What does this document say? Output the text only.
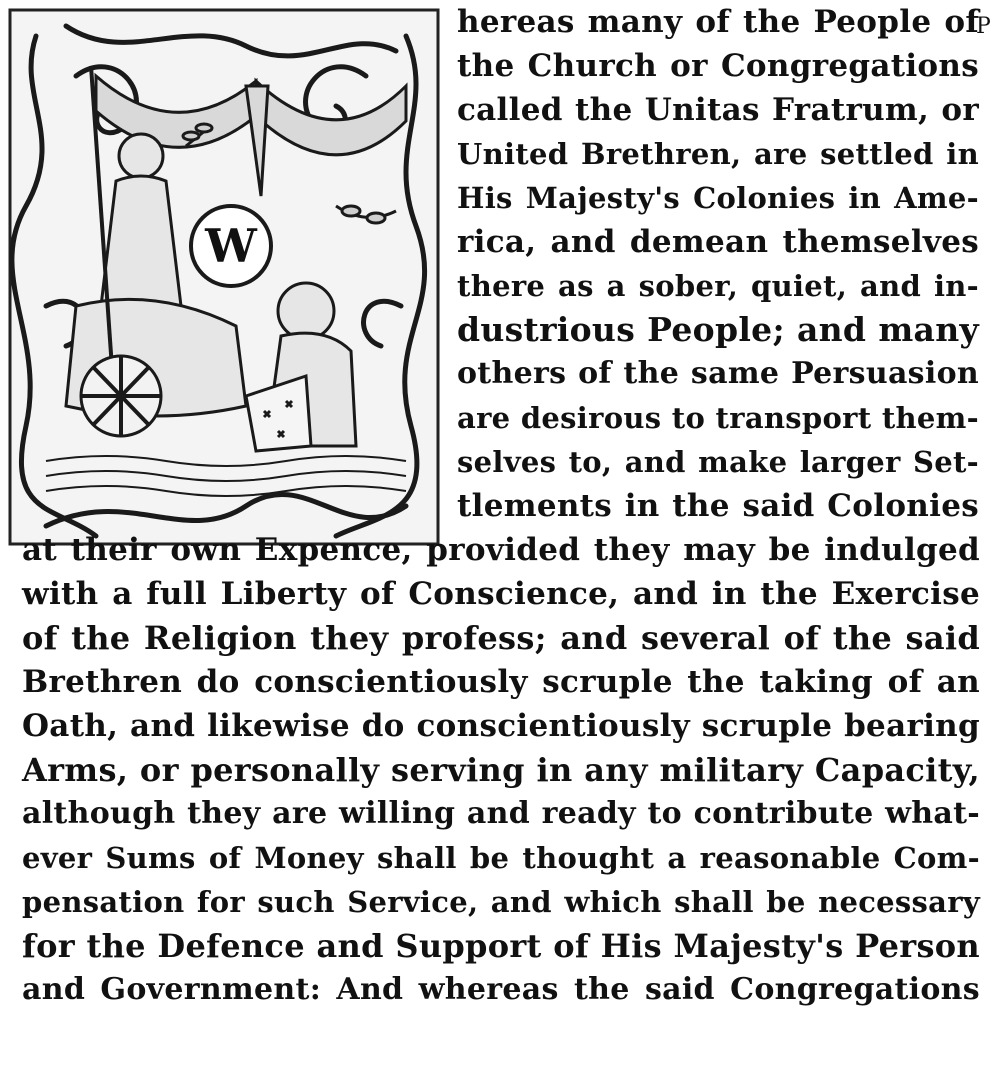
W
P
hereas many of the People of
the Church or Congregations
called the Unitas Fratrum, or
United Brethren, are settled in
His Majesty's Colonies in Ame-
rica, and demean themselves
there as a sober, quiet, and in-
dustrious People; and many
others of the same Persuasion
are desirous to transport them-
selves to, and make larger Set-
tlements in the said Colonies
at their own Expence, provided they may be indulged
with a full Liberty of Conscience, and in the Exercise
of the Religion they profess; and several of the said
Brethren do conscientiously scruple the taking of an
Oath, and likewise do conscientiously scruple bearing
Arms, or personally serving in any military Capacity,
although they are willing and ready to contribute what-
ever Sums of Money shall be thought a reasonable Com-
pensation for such Service, and which shall be necessary
for the Defence and Support of His Majesty's Person
and Government: And whereas the said Congregations
